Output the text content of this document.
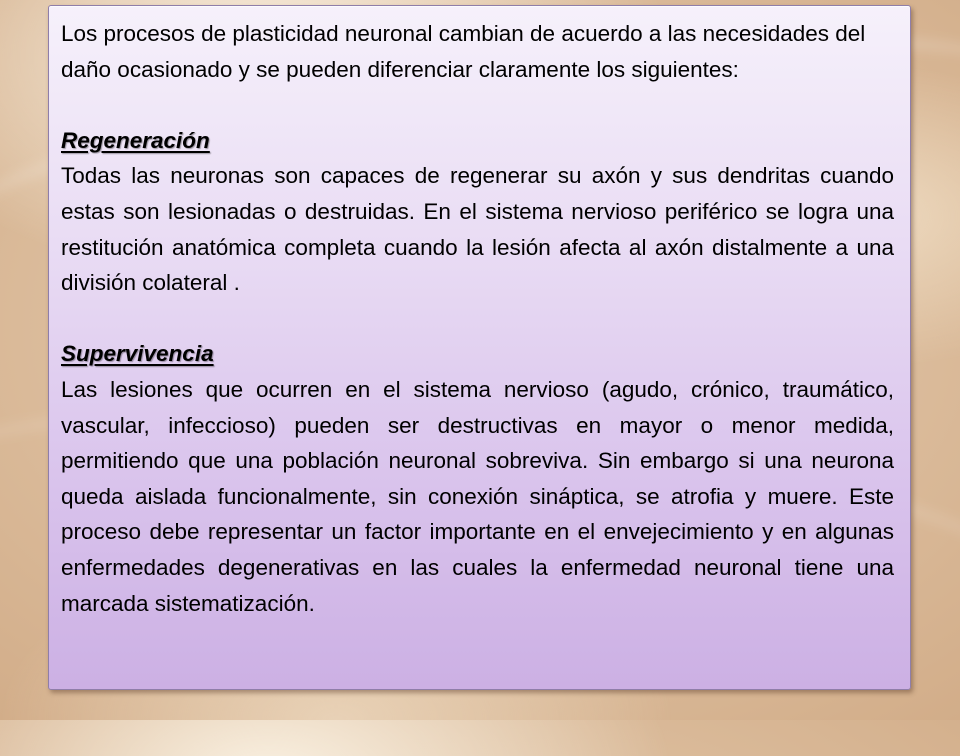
Los procesos de plasticidad neuronal cambian de acuerdo a las necesidades del daño ocasionado y se pueden diferenciar claramente los siguientes:

Regeneración

Todas las neuronas son capaces de regenerar su axón y sus dendritas cuando estas son lesionadas o destruidas. En el sistema nervioso periférico se logra una restitución anatómica completa cuando la lesión afecta al axón distalmente a una división colateral .

Supervivencia

Las lesiones que ocurren en el sistema nervioso (agudo, crónico, traumático, vascular, infeccioso) pueden ser destructivas en mayor o menor medida, permitiendo que una población neuronal sobreviva. Sin embargo si una neurona queda aislada funcionalmente, sin conexión sináptica, se atrofia y muere. Este proceso debe representar un factor importante en el envejecimiento y en algunas enfermedades degenerativas en las cuales la enfermedad neuronal tiene una marcada sistematización.
